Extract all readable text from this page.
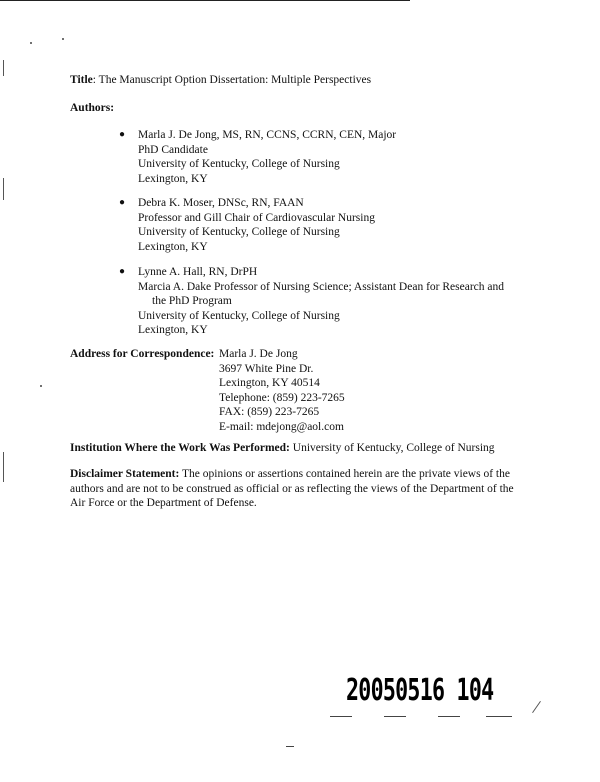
Title: The Manuscript Option Dissertation: Multiple Perspectives
Authors:
● Marla J. De Jong, MS, RN, CCNS, CCRN, CEN, Major
PhD Candidate
University of Kentucky, College of Nursing
Lexington, KY
● Debra K. Moser, DNSc, RN, FAAN
Professor and Gill Chair of Cardiovascular Nursing
University of Kentucky, College of Nursing
Lexington, KY
● Lynne A. Hall, RN, DrPH
Marcia A. Dake Professor of Nursing Science; Assistant Dean for Research and
the PhD Program
University of Kentucky, College of Nursing
Lexington, KY
Address for Correspondence: Marla J. De Jong
3697 White Pine Dr.
Lexington, KY 40514
Telephone: (859) 223-7265
FAX: (859) 223-7265
E-mail: mdejong@aol.com
Institution Where the Work Was Performed: University of Kentucky, College of Nursing
Disclaimer Statement: The opinions or assertions contained herein are the private views of the
authors and are not to be construed as official or as reflecting the views of the Department of the
Air Force or the Department of Defense.
20050516 104
